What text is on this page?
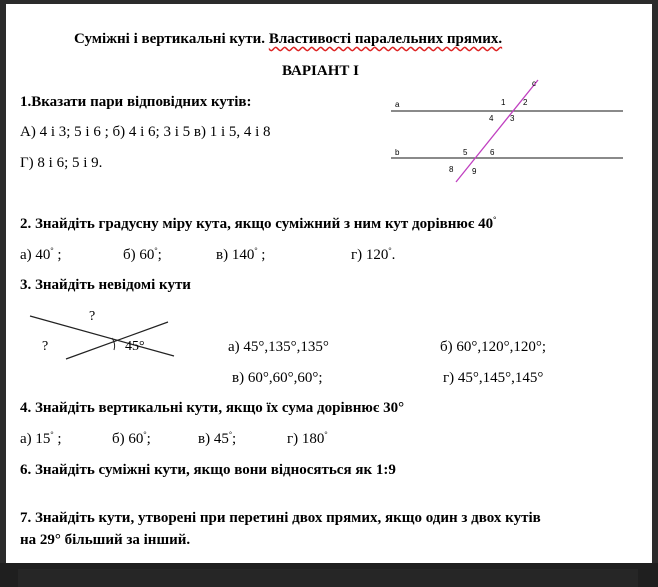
Суміжні і вертикальні кути. Властивості паралельних прямих.
ВАРІАНТ І
1.Вказати пари відповідних кутів:
А) 4 і 3; 5 і 6 ; б) 4 і 6; 3 і 5 в) 1 і 5, 4 і 8
Г) 8 і 6; 5 і 9.
a
b
c
1 2
4 3
5	6
8 9
2. Знайдіть градусну міру кута, якщо суміжний з ним кут дорівнює 40°
а) 40° ;	б) 60°;	в) 140° ;	г) 120°.
3. Знайдіть невідомі кути
?
?	45°	а) 45°,135°,135°	б) 60°,120°,120°;
в) 60°,60°,60°;	г) 45°,145°,145°
4. Знайдіть вертикальні кути, якщо їх сума дорівнює 30°
а) 15° ;	б) 60°;	в) 45°;	г) 180°
6. Знайдіть суміжні кути, якщо вони відносяться як 1:9
7. Знайдіть кути, утворені при перетині двох прямих, якщо один з двох кутів
на 29° більший за інший.
